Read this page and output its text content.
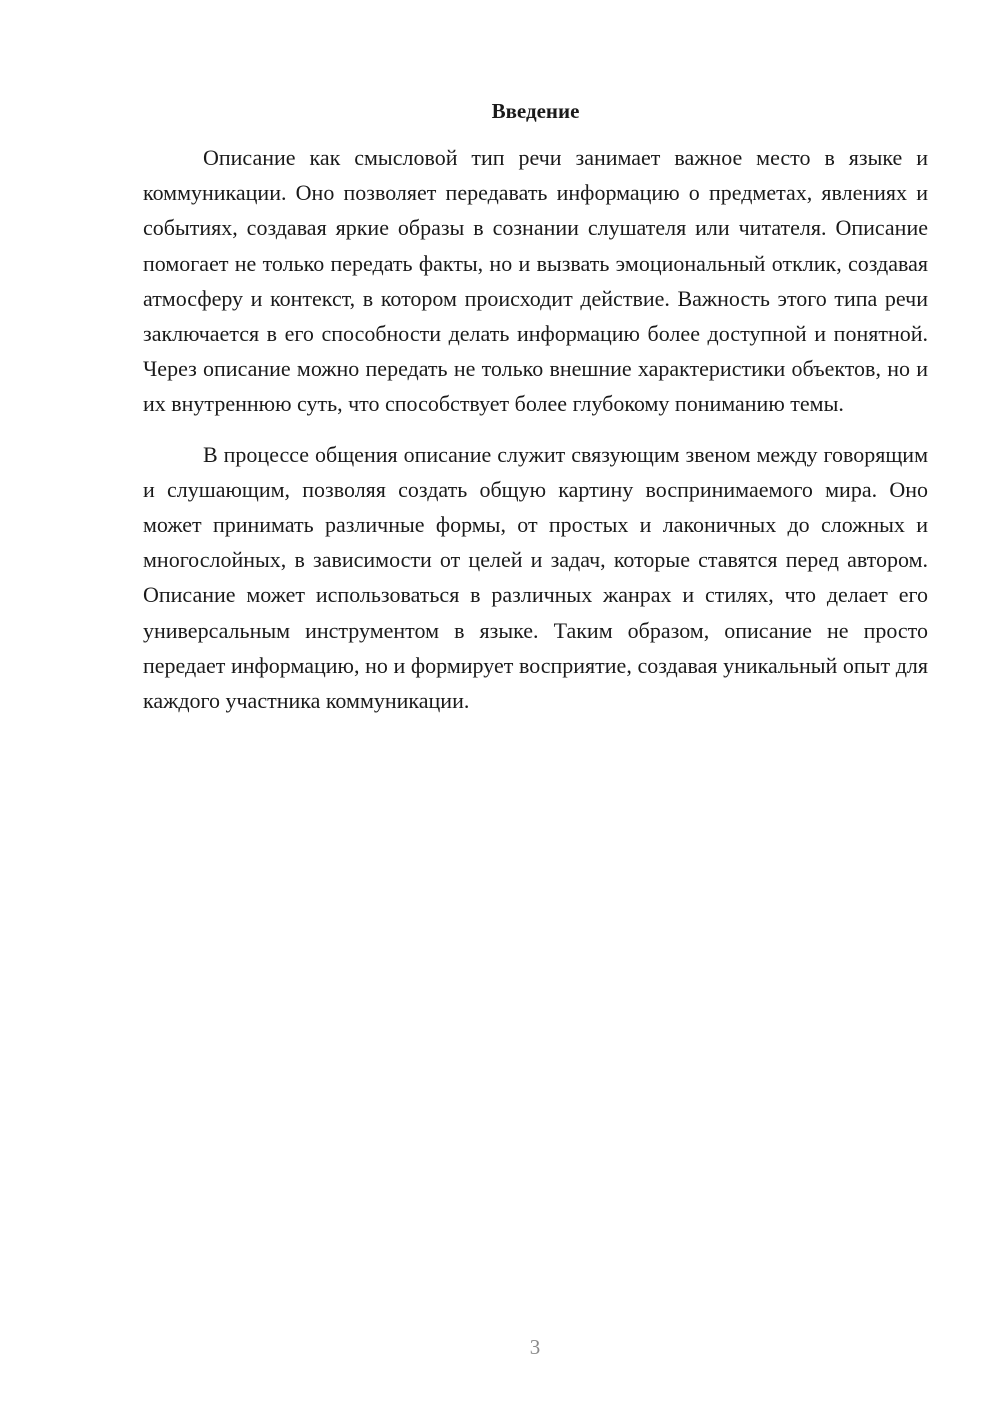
Введение

Описание как смысловой тип речи занимает важное место в языке и коммуникации. Оно позволяет передавать информацию о предметах, явлениях и событиях, создавая яркие образы в сознании слушателя или читателя. Описание помогает не только передать факты, но и вызвать эмоциональный отклик, создавая атмосферу и контекст, в котором происходит действие. Важность этого типа речи заключается в его способности делать информацию более доступной и понятной. Через описание можно передать не только внешние характеристики объектов, но и их внутреннюю суть, что способствует более глубокому пониманию темы.

В процессе общения описание служит связующим звеном между говорящим и слушающим, позволяя создать общую картину воспринимаемого мира. Оно может принимать различные формы, от простых и лаконичных до сложных и многослойных, в зависимости от целей и задач, которые ставятся перед автором. Описание может использоваться в различных жанрах и стилях, что делает его универсальным инструментом в языке. Таким образом, описание не просто передает информацию, но и формирует восприятие, создавая уникальный опыт для каждого участника коммуникации.

3
